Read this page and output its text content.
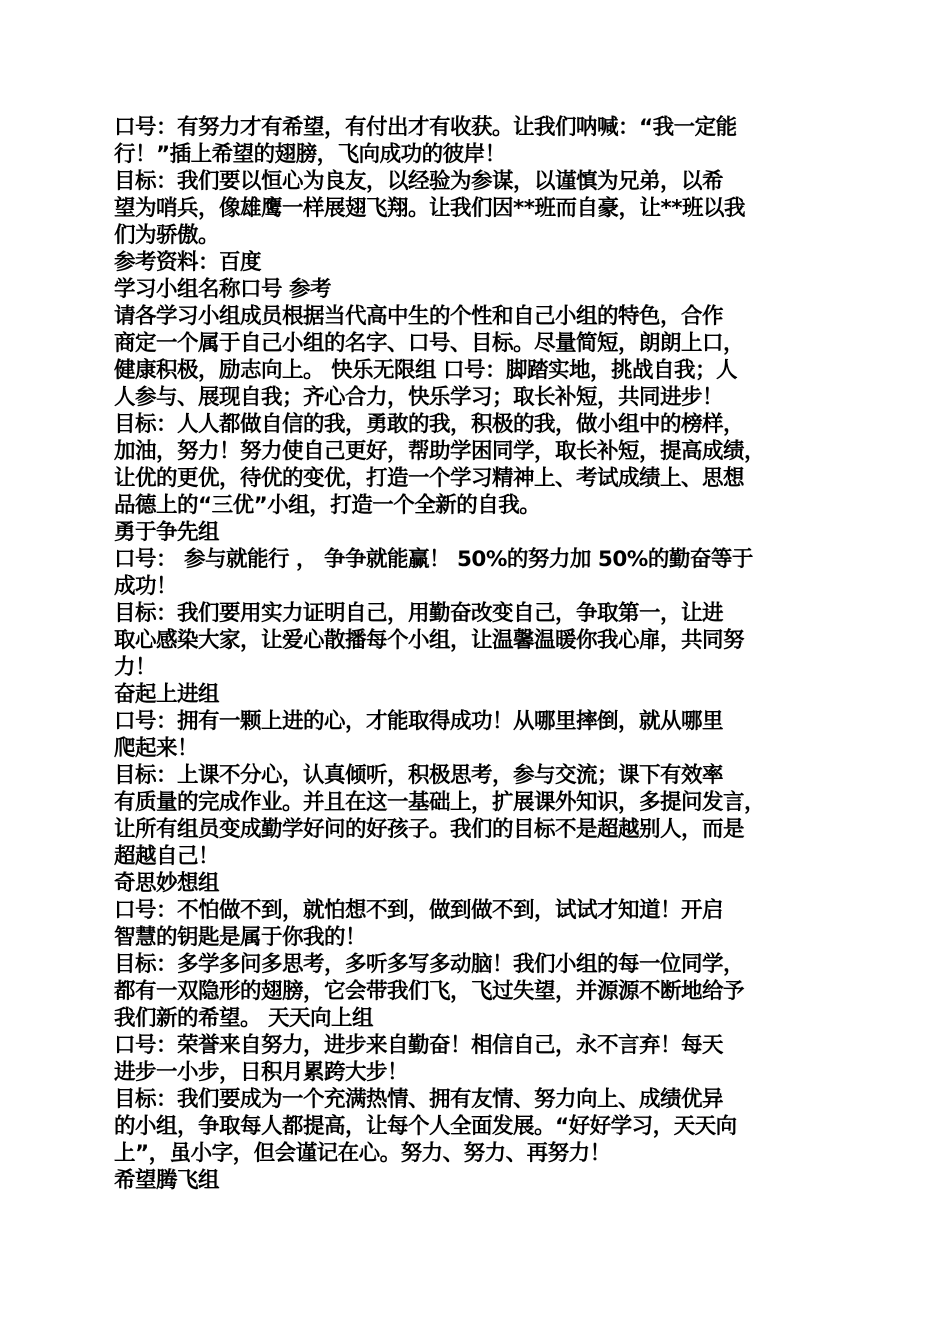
口号：有努力才有希望，有付出才有收获。让我们呐喊：“我一定能
行！”插上希望的翅膀，飞向成功的彼岸！
目标：我们要以恒心为良友，以经验为参谋，以谨慎为兄弟，以希
望为哨兵，像雄鹰一样展翅飞翔。让我们因**班而自豪，让**班以我
们为骄傲。
参考资料：百度
学习小组名称口号 参考
请各学习小组成员根据当代高中生的个性和自己小组的特色，合作
商定一个属于自己小组的名字、口号、目标。尽量简短，朗朗上口，
健康积极，励志向上。 快乐无限组 口号：脚踏实地，挑战自我；人
人参与、展现自我；齐心合力，快乐学习；取长补短，共同进步！
目标：人人都做自信的我，勇敢的我，积极的我，做小组中的榜样，
加油，努力！努力使自己更好，帮助学困同学，取长补短，提高成绩，
让优的更优，待优的变优，打造一个学习精神上、考试成绩上、思想
品德上的“三优”小组，打造一个全新的自我。
勇于争先组
口号： 参与就能行 ， 争争就能赢！ 50%的努力加 50%的勤奋等于
成功！
目标：我们要用实力证明自己，用勤奋改变自己，争取第一，让进
取心感染大家，让爱心散播每个小组，让温馨温暖你我心扉，共同努
力！
奋起上进组
口号：拥有一颗上进的心，才能取得成功！从哪里摔倒，就从哪里
爬起来！
目标：上课不分心，认真倾听，积极思考，参与交流；课下有效率
有质量的完成作业。并且在这一基础上，扩展课外知识，多提问发言，
让所有组员变成勤学好问的好孩子。我们的目标不是超越别人，而是
超越自己！
奇思妙想组
口号：不怕做不到，就怕想不到，做到做不到，试试才知道！开启
智慧的钥匙是属于你我的！
目标：多学多问多思考，多听多写多动脑！我们小组的每一位同学，
都有一双隐形的翅膀，它会带我们飞，飞过失望，并源源不断地给予
我们新的希望。 天天向上组
口号：荣誉来自努力，进步来自勤奋！相信自己，永不言弃！每天
进步一小步，日积月累跨大步！
目标：我们要成为一个充满热情、拥有友情、努力向上、成绩优异
的小组，争取每人都提高，让每个人全面发展。“好好学习，天天向
上”，虽小字，但会谨记在心。努力、努力、再努力！
希望腾飞组
